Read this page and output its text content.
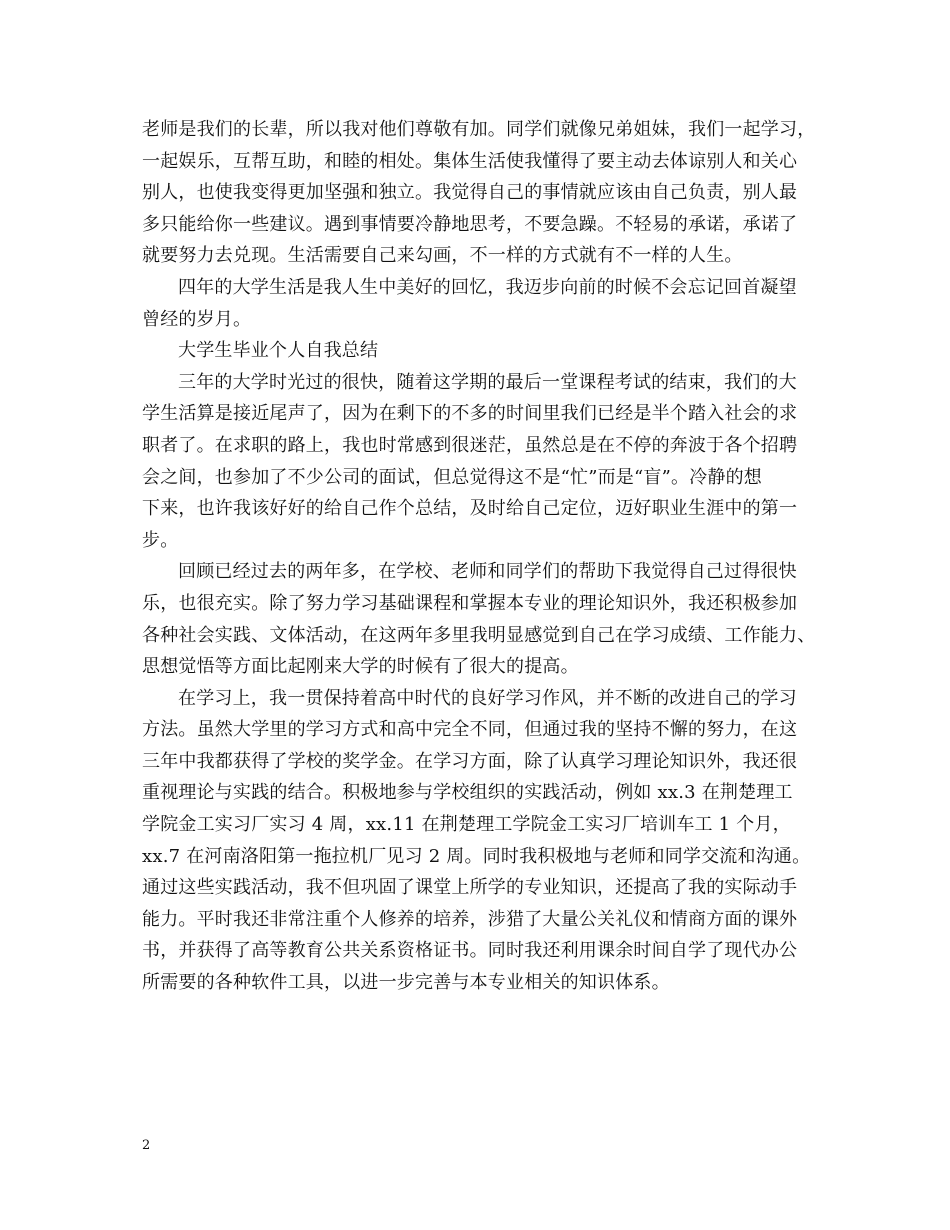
老师是我们的长辈，所以我对他们尊敬有加。同学们就像兄弟姐妹，我们一起学习，
一起娱乐，互帮互助，和睦的相处。集体生活使我懂得了要主动去体谅别人和关心
别人，也使我变得更加坚强和独立。我觉得自己的事情就应该由自己负责，别人最
多只能给你一些建议。遇到事情要冷静地思考，不要急躁。不轻易的承诺，承诺了
就要努力去兑现。生活需要自己来勾画，不一样的方式就有不一样的人生。
四年的大学生活是我人生中美好的回忆，我迈步向前的时候不会忘记回首凝望
曾经的岁月。
大学生毕业个人自我总结
三年的大学时光过的很快，随着这学期的最后一堂课程考试的结束，我们的大
学生活算是接近尾声了，因为在剩下的不多的时间里我们已经是半个踏入社会的求
职者了。在求职的路上，我也时常感到很迷茫，虽然总是在不停的奔波于各个招聘
会之间，也参加了不少公司的面试，但总觉得这不是“忙”而是“盲”。冷静的想
下来，也许我该好好的给自己作个总结，及时给自己定位，迈好职业生涯中的第一
步。
回顾已经过去的两年多，在学校、老师和同学们的帮助下我觉得自己过得很快
乐，也很充实。除了努力学习基础课程和掌握本专业的理论知识外，我还积极参加
各种社会实践、文体活动，在这两年多里我明显感觉到自己在学习成绩、工作能力、
思想觉悟等方面比起刚来大学的时候有了很大的提高。
在学习上，我一贯保持着高中时代的良好学习作风，并不断的改进自己的学习
方法。虽然大学里的学习方式和高中完全不同，但通过我的坚持不懈的努力，在这
三年中我都获得了学校的奖学金。在学习方面，除了认真学习理论知识外，我还很
重视理论与实践的结合。积极地参与学校组织的实践活动，例如 xx.3 在荆楚理工
学院金工实习厂实习 4 周，xx.11 在荆楚理工学院金工实习厂培训车工 1 个月，
xx.7 在河南洛阳第一拖拉机厂见习 2 周。同时我积极地与老师和同学交流和沟通。
通过这些实践活动，我不但巩固了课堂上所学的专业知识，还提高了我的实际动手
能力。平时我还非常注重个人修养的培养，涉猎了大量公关礼仪和情商方面的课外
书，并获得了高等教育公共关系资格证书。同时我还利用课余时间自学了现代办公
所需要的各种软件工具，以进一步完善与本专业相关的知识体系。
2
